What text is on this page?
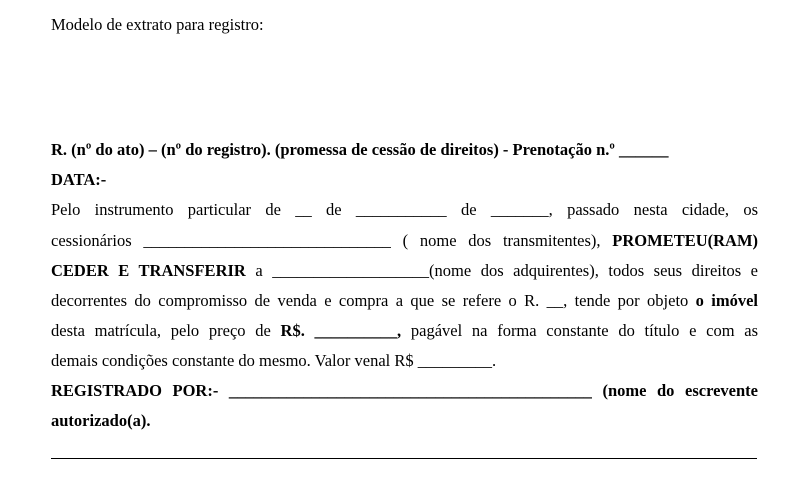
Modelo de extrato para registro:
R. (nº do ato) – (nº do registro). (promessa de cessão de direitos) - Prenotação n.º ______
DATA:-
Pelo instrumento particular de __ de ___________ de _______, passado nesta cidade, os
cessionários ______________________________ ( nome dos transmitentes), PROMETEU(RAM)
CEDER E TRANSFERIR a ___________________(nome dos adquirentes), todos seus direitos e
decorrentes do compromisso de venda e compra a que se refere o R. __, tende por objeto o imóvel
desta matrícula, pelo preço de R$. __________, pagável na forma constante do título e com as
demais condições constante do mesmo. Valor venal R$ _________.
REGISTRADO POR:- ____________________________________________ (nome do escrevente
autorizado(a).
